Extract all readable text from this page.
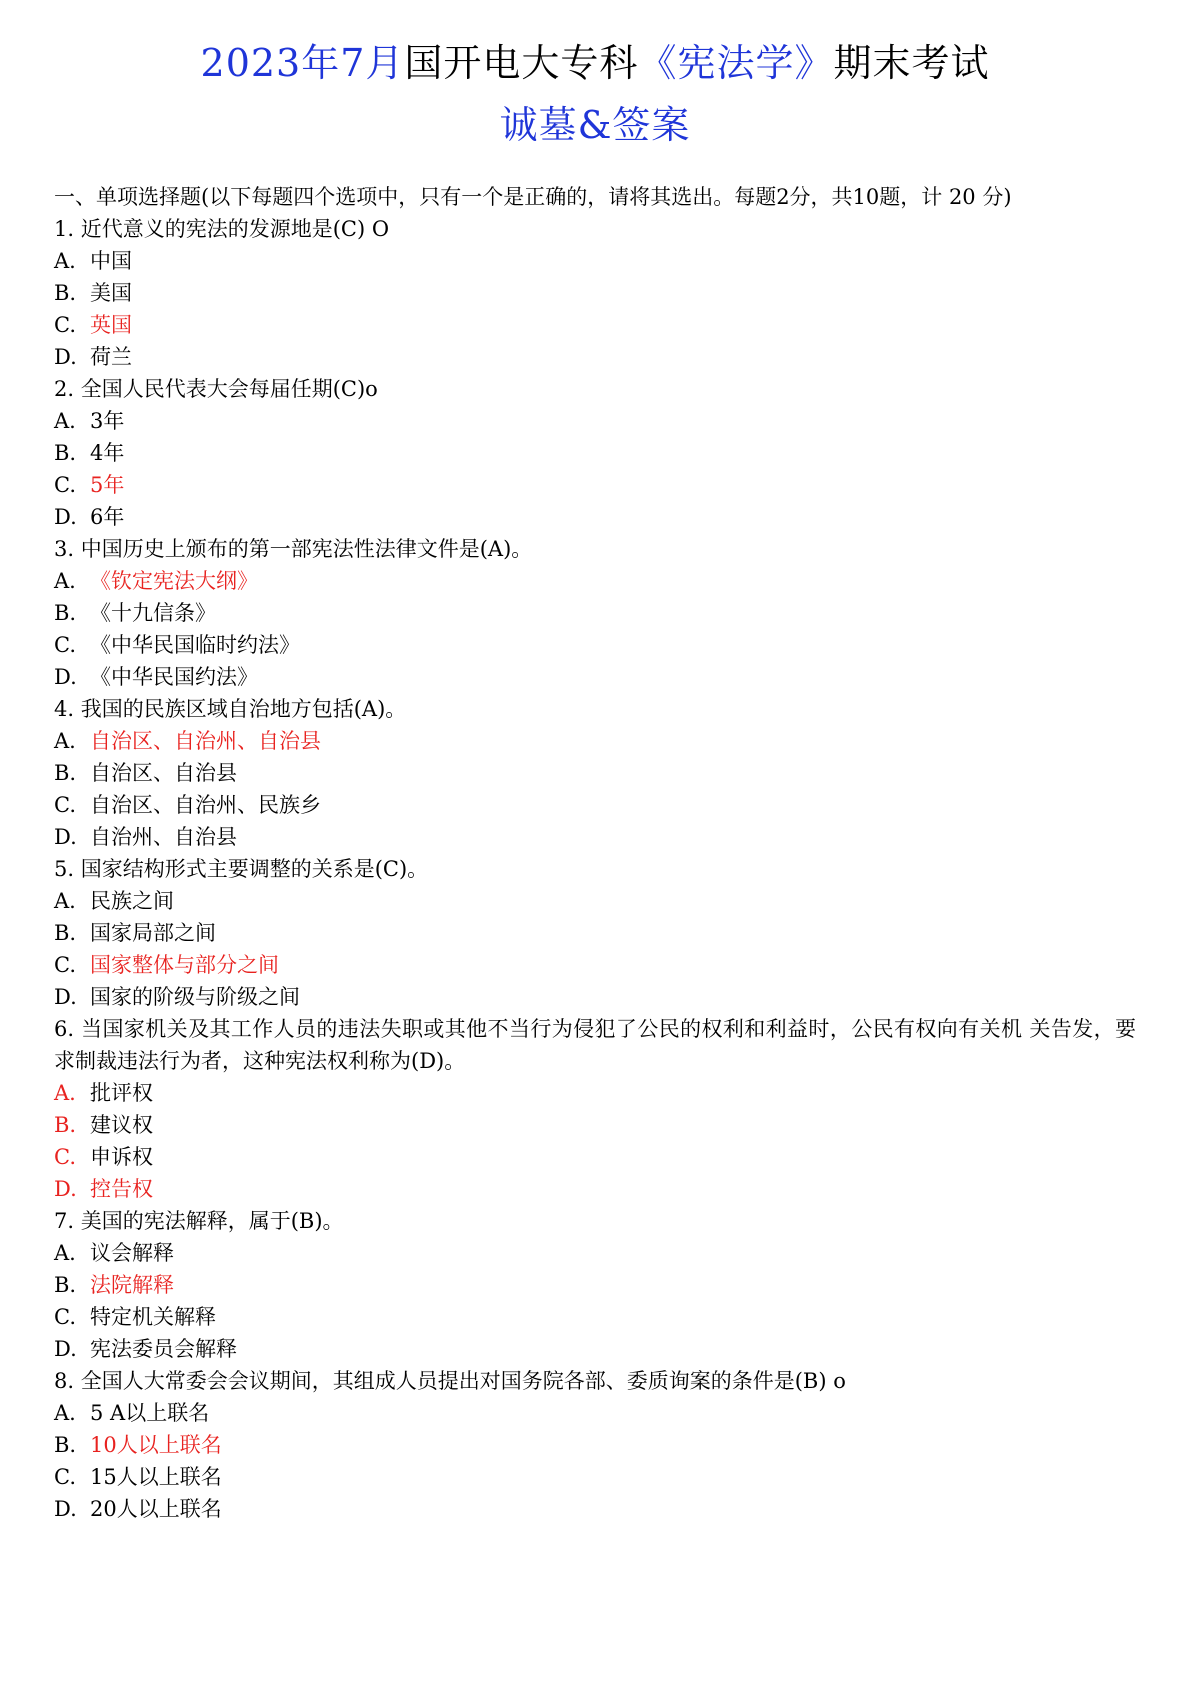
2023年7月国开电大专科《宪法学》期末考试
诚墓&签案
一、单项选择题(以下每题四个选项中，只有一个是正确的，请将其选出。每题2分，共10题，计 20 分)
1. 近代意义的宪法的发源地是(C) O
A. 中国
B. 美国
C. 英国
D. 荷兰
2. 全国人民代表大会每届任期(C)o
A. 3年
B. 4年
C. 5年
D. 6年
3. 中国历史上颁布的第一部宪法性法律文件是(A)。
A. 《钦定宪法大纲》
B. 《十九信条》
C. 《中华民国临时约法》
D. 《中华民国约法》
4. 我国的民族区域自治地方包括(A)。
A. 自治区、自治州、自治县
B. 自治区、自治县
C. 自治区、自治州、民族乡
D. 自治州、自治县
5. 国家结构形式主要调整的关系是(C)。
A. 民族之间
B. 国家局部之间
C. 国家整体与部分之间
D. 国家的阶级与阶级之间
6. 当国家机关及其工作人员的违法失职或其他不当行为侵犯了公民的权利和利益时，公民有权向有关机 关告发，要求制裁违法行为者，这种宪法权利称为(D)。
A. 批评权
B. 建议权
C. 申诉权
D. 控告权
7. 美国的宪法解释，属于(B)。
A. 议会解释
B. 法院解释
C. 特定机关解释
D. 宪法委员会解释
8. 全国人大常委会会议期间，其组成人员提出对国务院各部、委质询案的条件是(B) o
A. 5 A以上联名
B. 10人以上联名
C. 15人以上联名
D. 20人以上联名
